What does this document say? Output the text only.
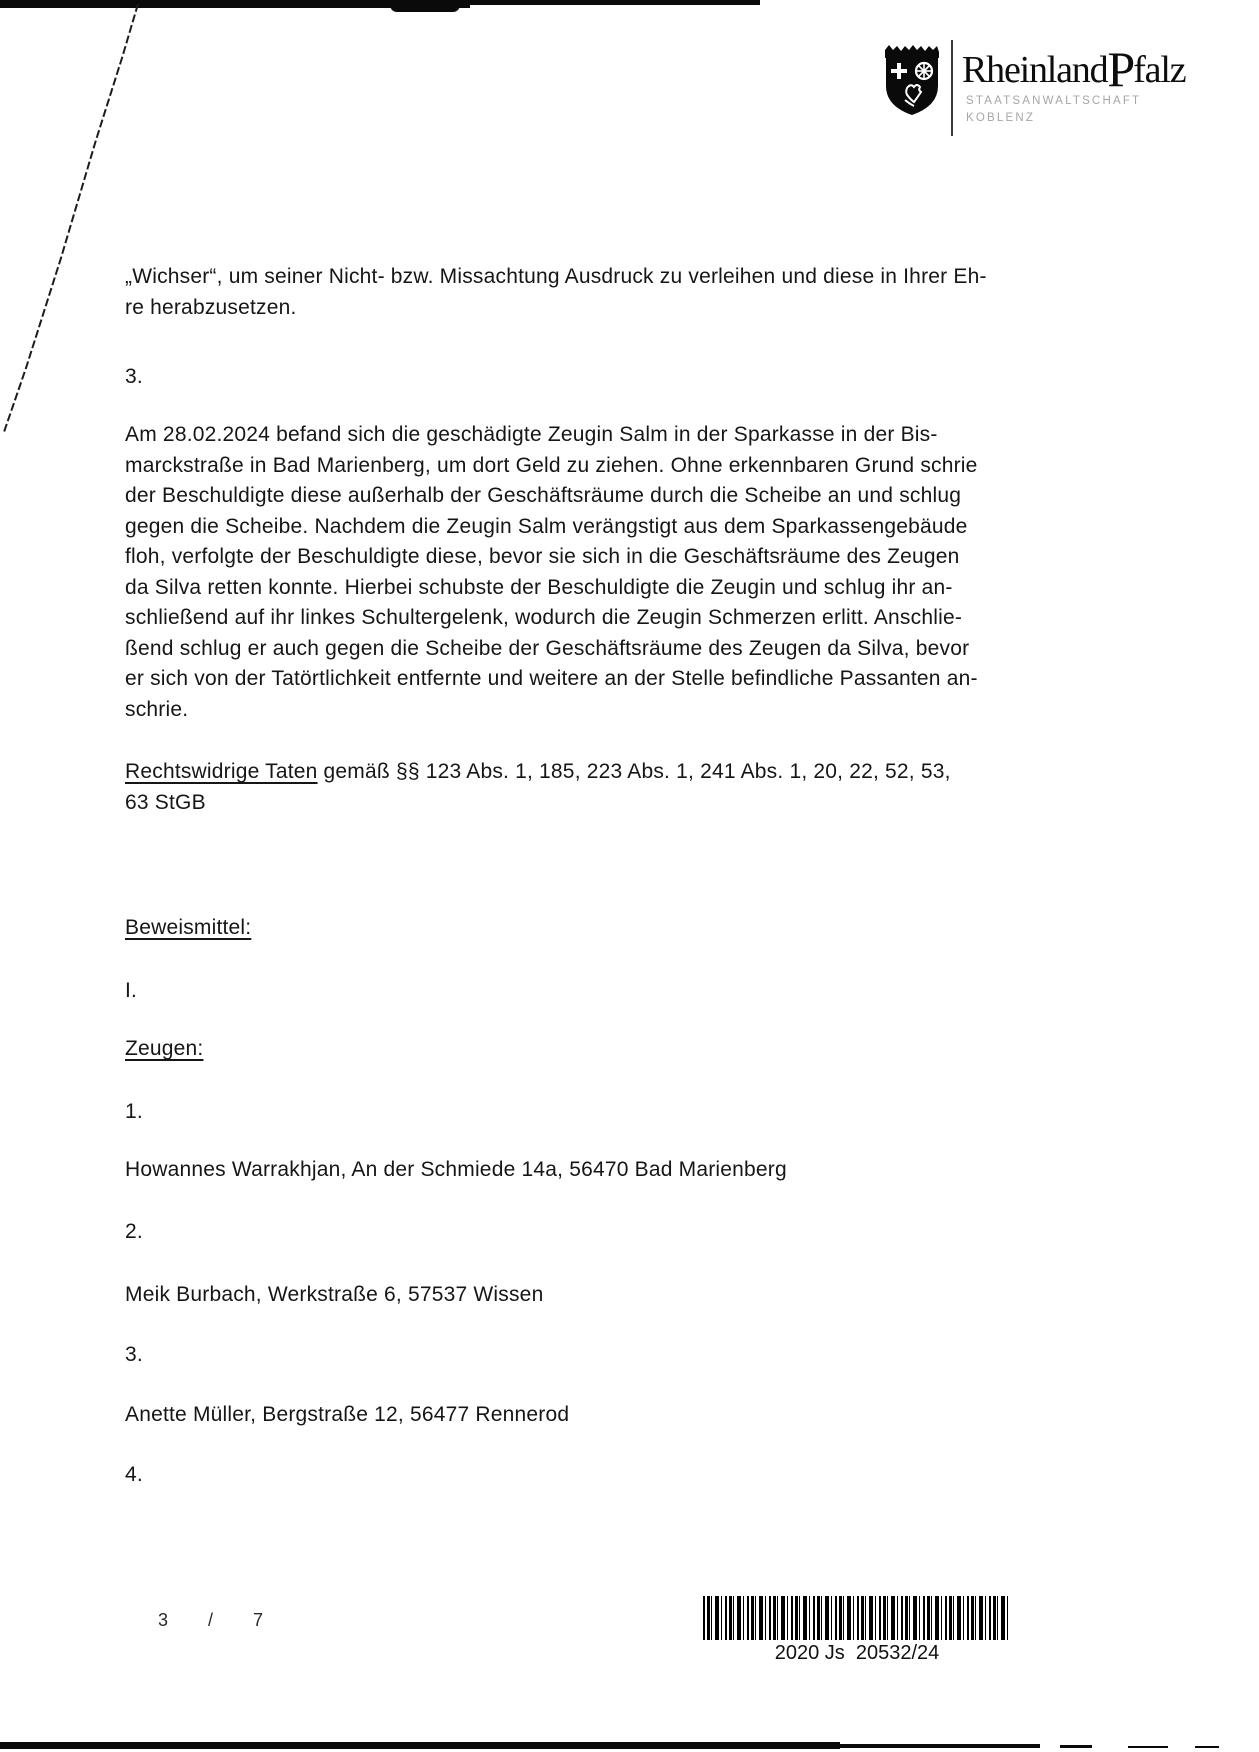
RheinlandPfalz
STAATSANWALTSCHAFT
KOBLENZ
„Wichser“, um seiner Nicht- bzw. Missachtung Ausdruck zu verleihen und diese in Ihrer Eh-
re herabzusetzen.
3.
Am 28.02.2024 befand sich die geschädigte Zeugin Salm in der Sparkasse in der Bis-
marckstraße in Bad Marienberg, um dort Geld zu ziehen. Ohne erkennbaren Grund schrie
der Beschuldigte diese außerhalb der Geschäftsräume durch die Scheibe an und schlug
gegen die Scheibe. Nachdem die Zeugin Salm verängstigt aus dem Sparkassengebäude
floh, verfolgte der Beschuldigte diese, bevor sie sich in die Geschäftsräume des Zeugen
da Silva retten konnte. Hierbei schubste der Beschuldigte die Zeugin und schlug ihr an-
schließend auf ihr linkes Schultergelenk, wodurch die Zeugin Schmerzen erlitt. Anschlie-
ßend schlug er auch gegen die Scheibe der Geschäftsräume des Zeugen da Silva, bevor
er sich von der Tatörtlichkeit entfernte und weitere an der Stelle befindliche Passanten an-
schrie.
Rechtswidrige Taten gemäß §§ 123 Abs. 1, 185, 223 Abs. 1, 241 Abs. 1, 20, 22, 52, 53,
63 StGB
Beweismittel:
I.
Zeugen:
1.
Howannes Warrakhjan, An der Schmiede 14a, 56470 Bad Marienberg
2.
Meik Burbach, Werkstraße 6, 57537 Wissen
3.
Anette Müller, Bergstraße 12, 56477 Rennerod
4.
3  /  7
2020 Js  20532/24
